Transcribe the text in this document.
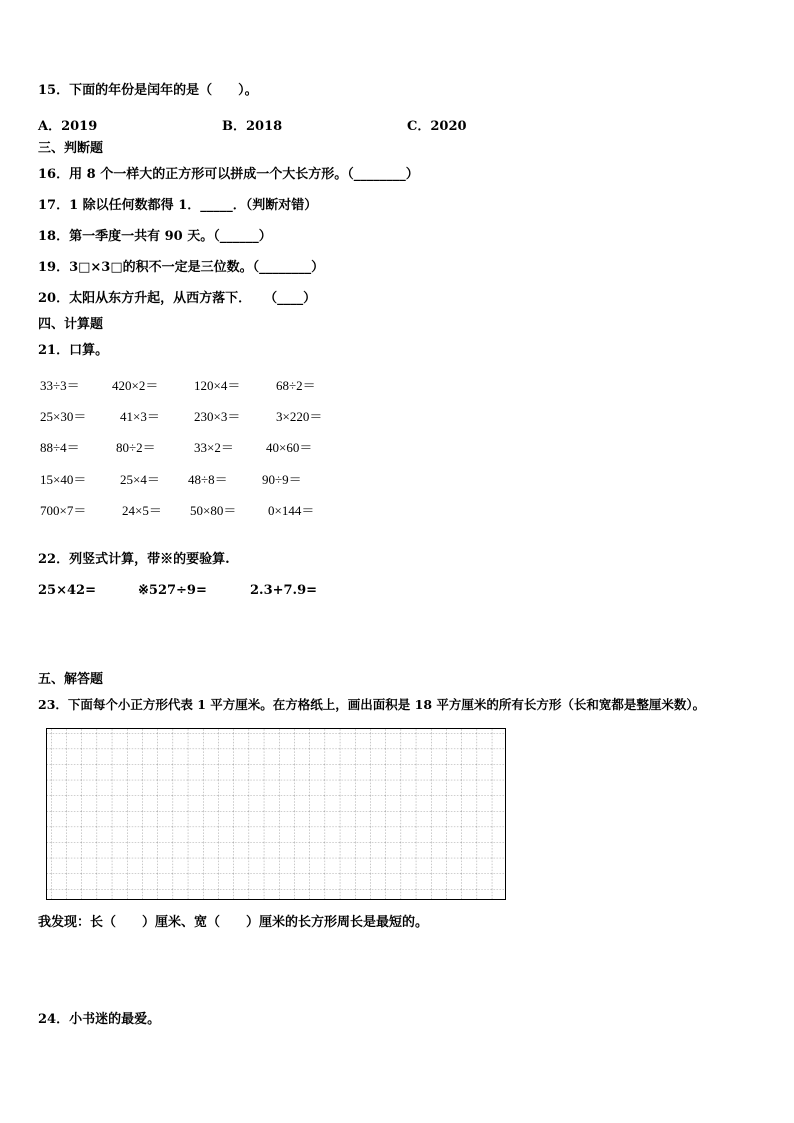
15．下面的年份是闰年的是（　　）。
A．2019	B．2018	C．2020
三、判断题
16．用 8 个一样大的正方形可以拼成一个大长方形。（________）
17．1 除以任何数都得 1．_____．（判断对错）
18．第一季度一共有 90 天。（______）
19．3□×3□的积不一定是三位数。（________）
20．太阳从东方升起，从西方落下．　　（____）
四、计算题
21．口算。
33÷3＝ 420×2＝	120×4＝	68÷2＝
25×30＝	41×3＝	230×3＝	3×220＝
88÷4＝	80÷2＝	33×2＝ 40×60＝
15×40＝	25×4＝ 48÷8＝	90÷9＝
700×7＝	24×5＝ 50×80＝ 0×144＝
22．列竖式计算，带※的要验算.
25×42=	※527÷9=	2.3+7.9=
五、解答题
23．下面每个小正方形代表 1 平方厘米。在方格纸上，画出面积是 18 平方厘米的所有长方形（长和宽都是整厘米数）。
我发现：长（　　）厘米、宽（　　）厘米的长方形周长是最短的。
24．小书迷的最爱。
